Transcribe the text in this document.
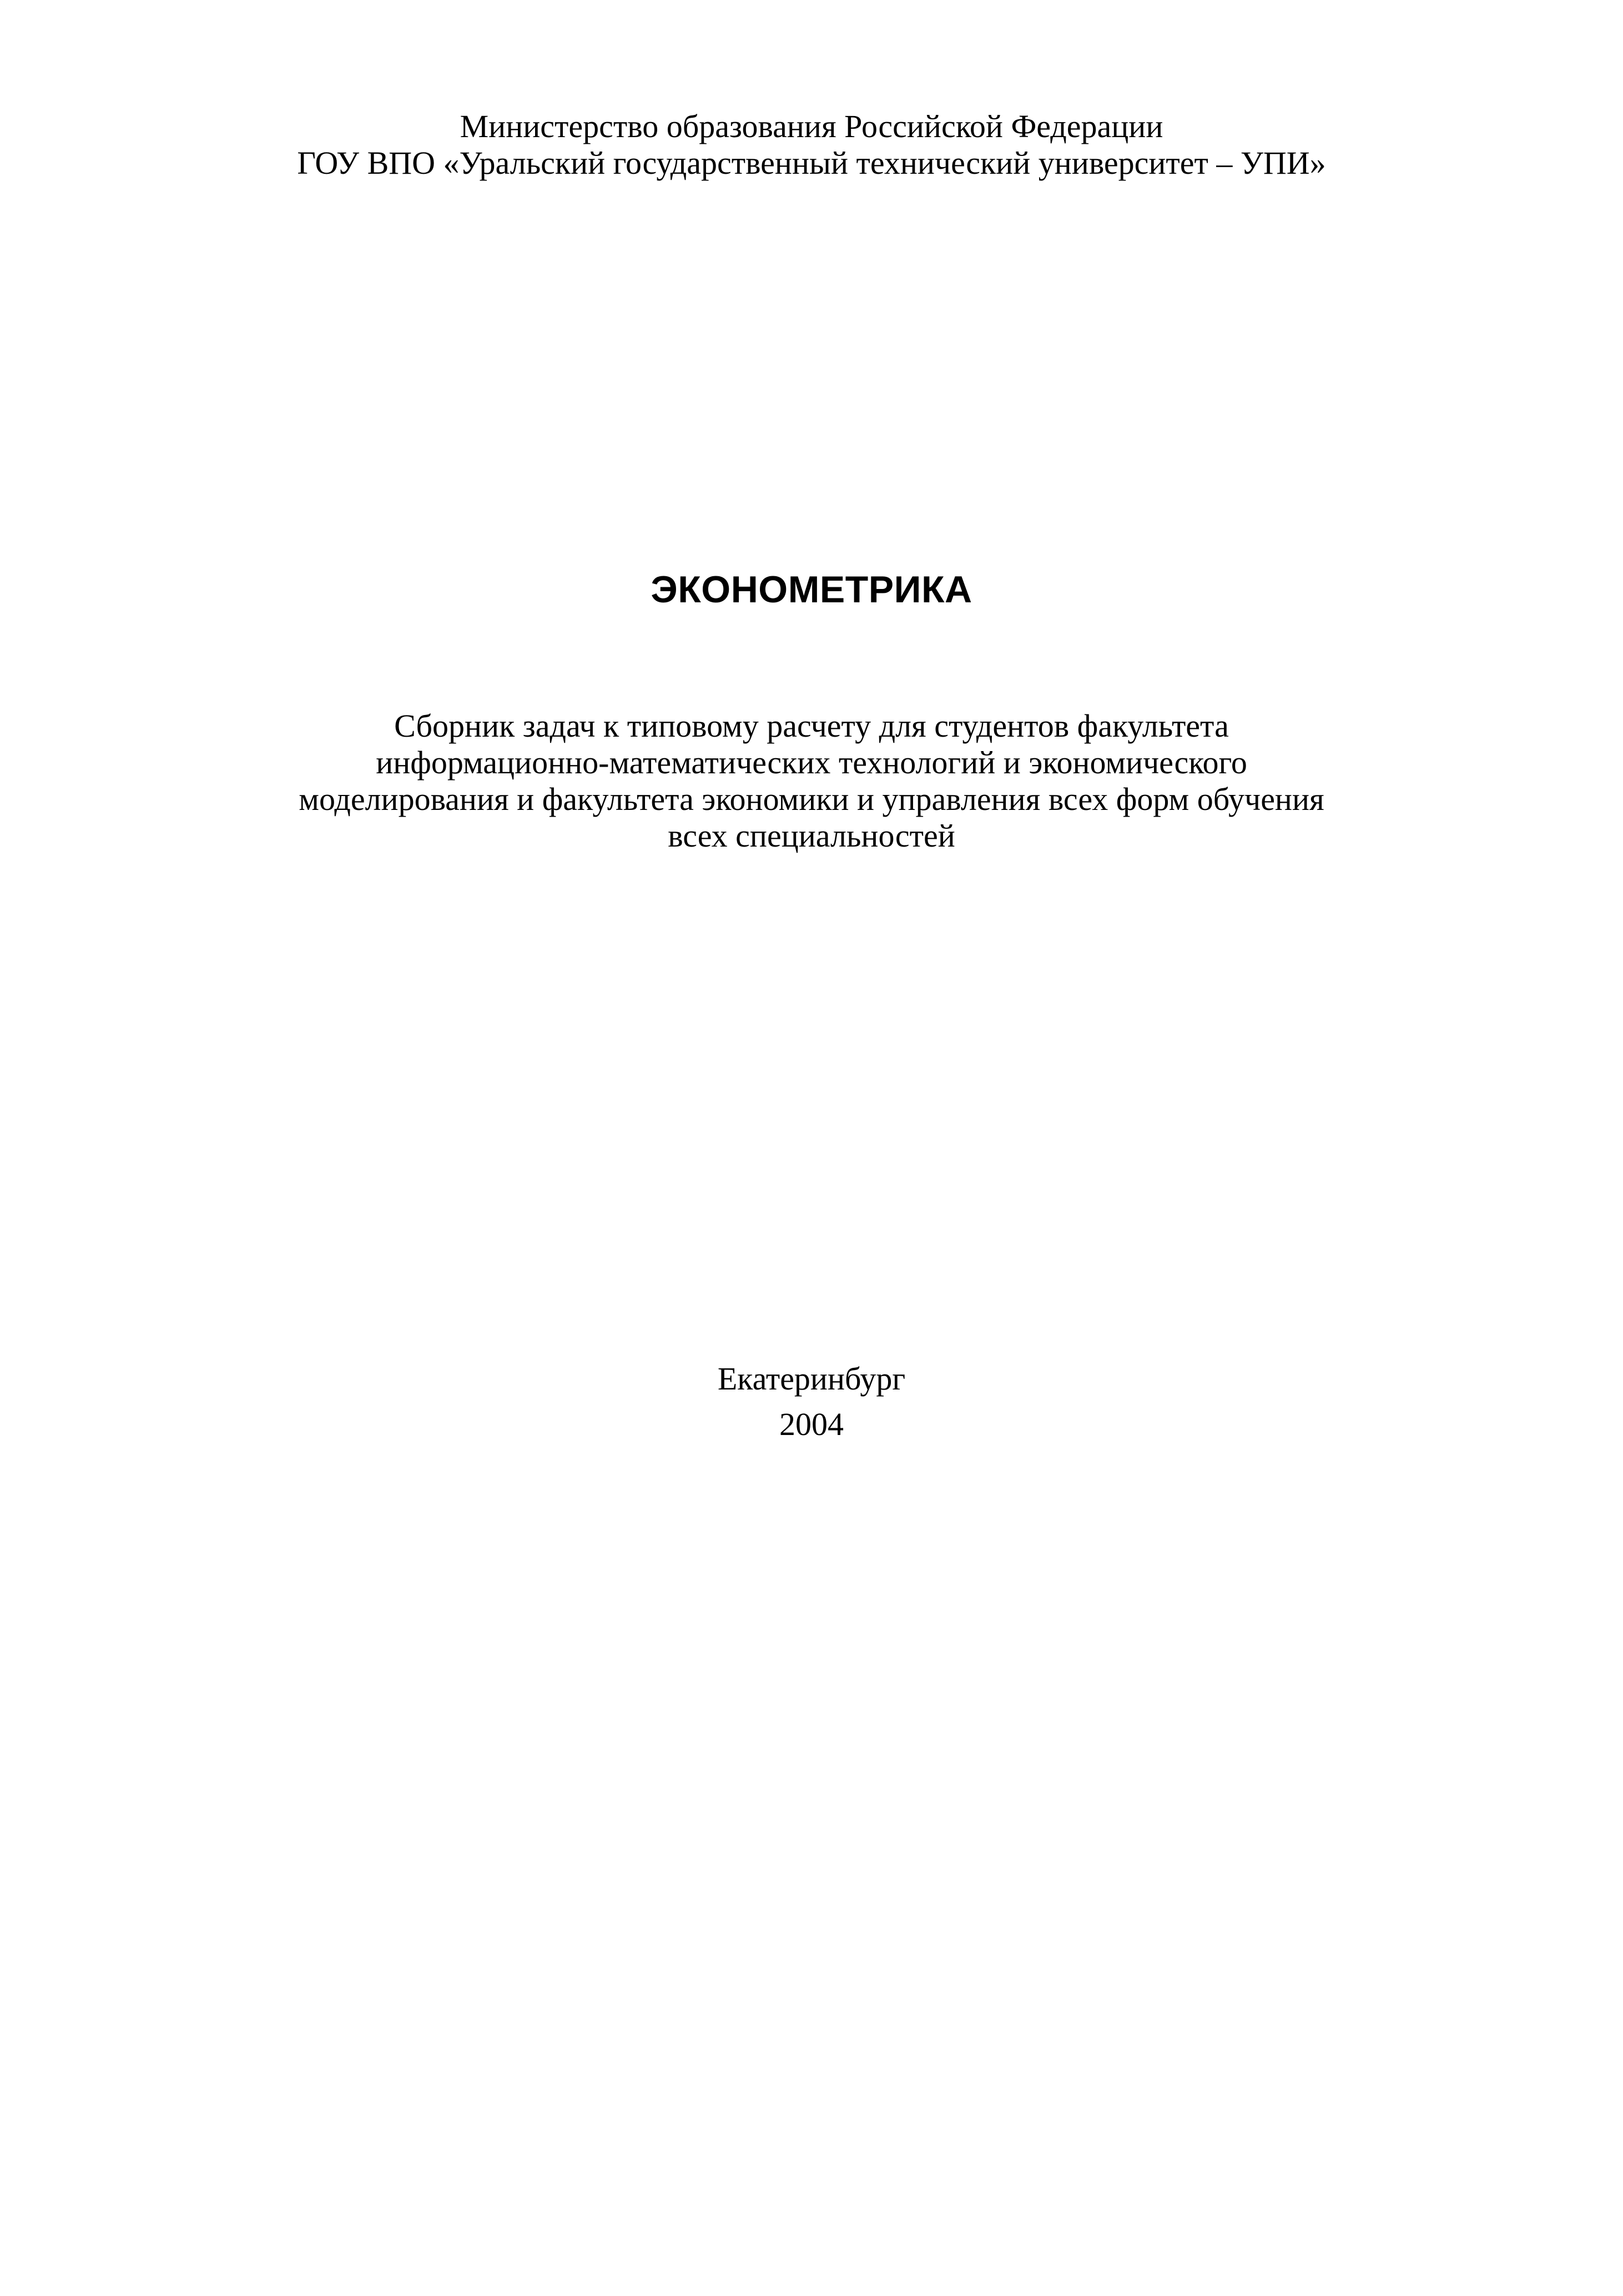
Министерство образования Российской Федерации
ГОУ ВПО «Уральский государственный технический университет – УПИ»
ЭКОНОМЕТРИКА
Сборник задач к типовому расчету для студентов факультета
информационно-математических технологий и экономического
моделирования и факультета экономики и управления всех форм обучения
всех специальностей
Екатеринбург
2004
